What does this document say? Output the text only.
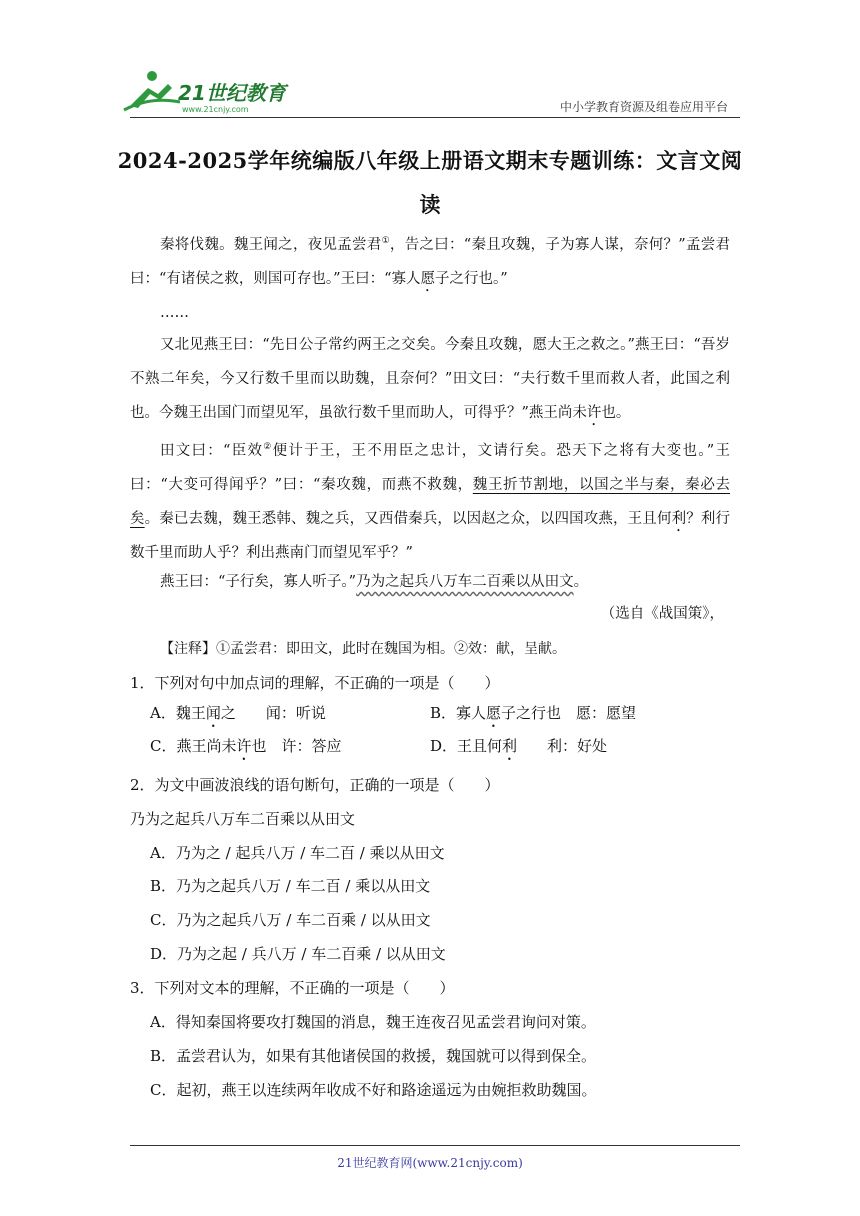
21世纪教育
www.21cnjy.com	中小学教育资源及组卷应用平台
2024-2025学年统编版八年级上册语文期末专题训练：文言文阅
读
秦将伐魏。魏王闻之，夜见孟尝君①，告之曰：“秦且攻魏，子为寡人谋，奈何？”孟尝君曰：“有诸侯之救，则国可存也。”王曰：“寡人愿子之行也。”
……
又北见燕王曰：“先日公子常约两王之交矣。今秦且攻魏，愿大王之救之。”燕王曰：“吾岁不熟二年矣，今又行数千里而以助魏，且奈何？”田文曰：“夫行数千里而救人者，此国之利也。今魏王出国门而望见军，虽欲行数千里而助人，可得乎？”燕王尚未许也。
田文曰：“臣效②便计于王，王不用臣之忠计，文请行矣。恐天下之将有大变也。”王曰：“大变可得闻乎？”曰：“秦攻魏，而燕不救魏，魏王折节割地，以国之半与秦，秦必去矣。秦已去魏，魏王悉韩、魏之兵，又西借秦兵，以因赵之众，以四国攻燕，王且何利？利行数千里而助人乎？利出燕南门而望见军乎？”
燕王曰：“子行矣，寡人听子。”乃为之起兵八万车二百乘以从田文。
（选自《战国策》，
【注释】①孟尝君：即田文，此时在魏国为相。②效：献，呈献。
1．下列对句中加点词的理解，不正确的一项是（　　）
A．魏王闻之　　闻：听说	B．寡人愿子之行也　愿：愿望
C．燕王尚未许也　许：答应	D．王且何利　　利：好处
2．为文中画波浪线的语句断句，正确的一项是（　　）
乃为之起兵八万车二百乘以从田文
A．乃为之 / 起兵八万 / 车二百 / 乘以从田文
B．乃为之起兵八万 / 车二百 / 乘以从田文
C．乃为之起兵八万 / 车二百乘 / 以从田文
D．乃为之起 / 兵八万 / 车二百乘 / 以从田文
3．下列对文本的理解，不正确的一项是（　　）
A．得知秦国将要攻打魏国的消息，魏王连夜召见孟尝君询问对策。
B．孟尝君认为，如果有其他诸侯国的救援，魏国就可以得到保全。
C．起初，燕王以连续两年收成不好和路途遥远为由婉拒救助魏国。
21世纪教育网(www.21cnjy.com)
